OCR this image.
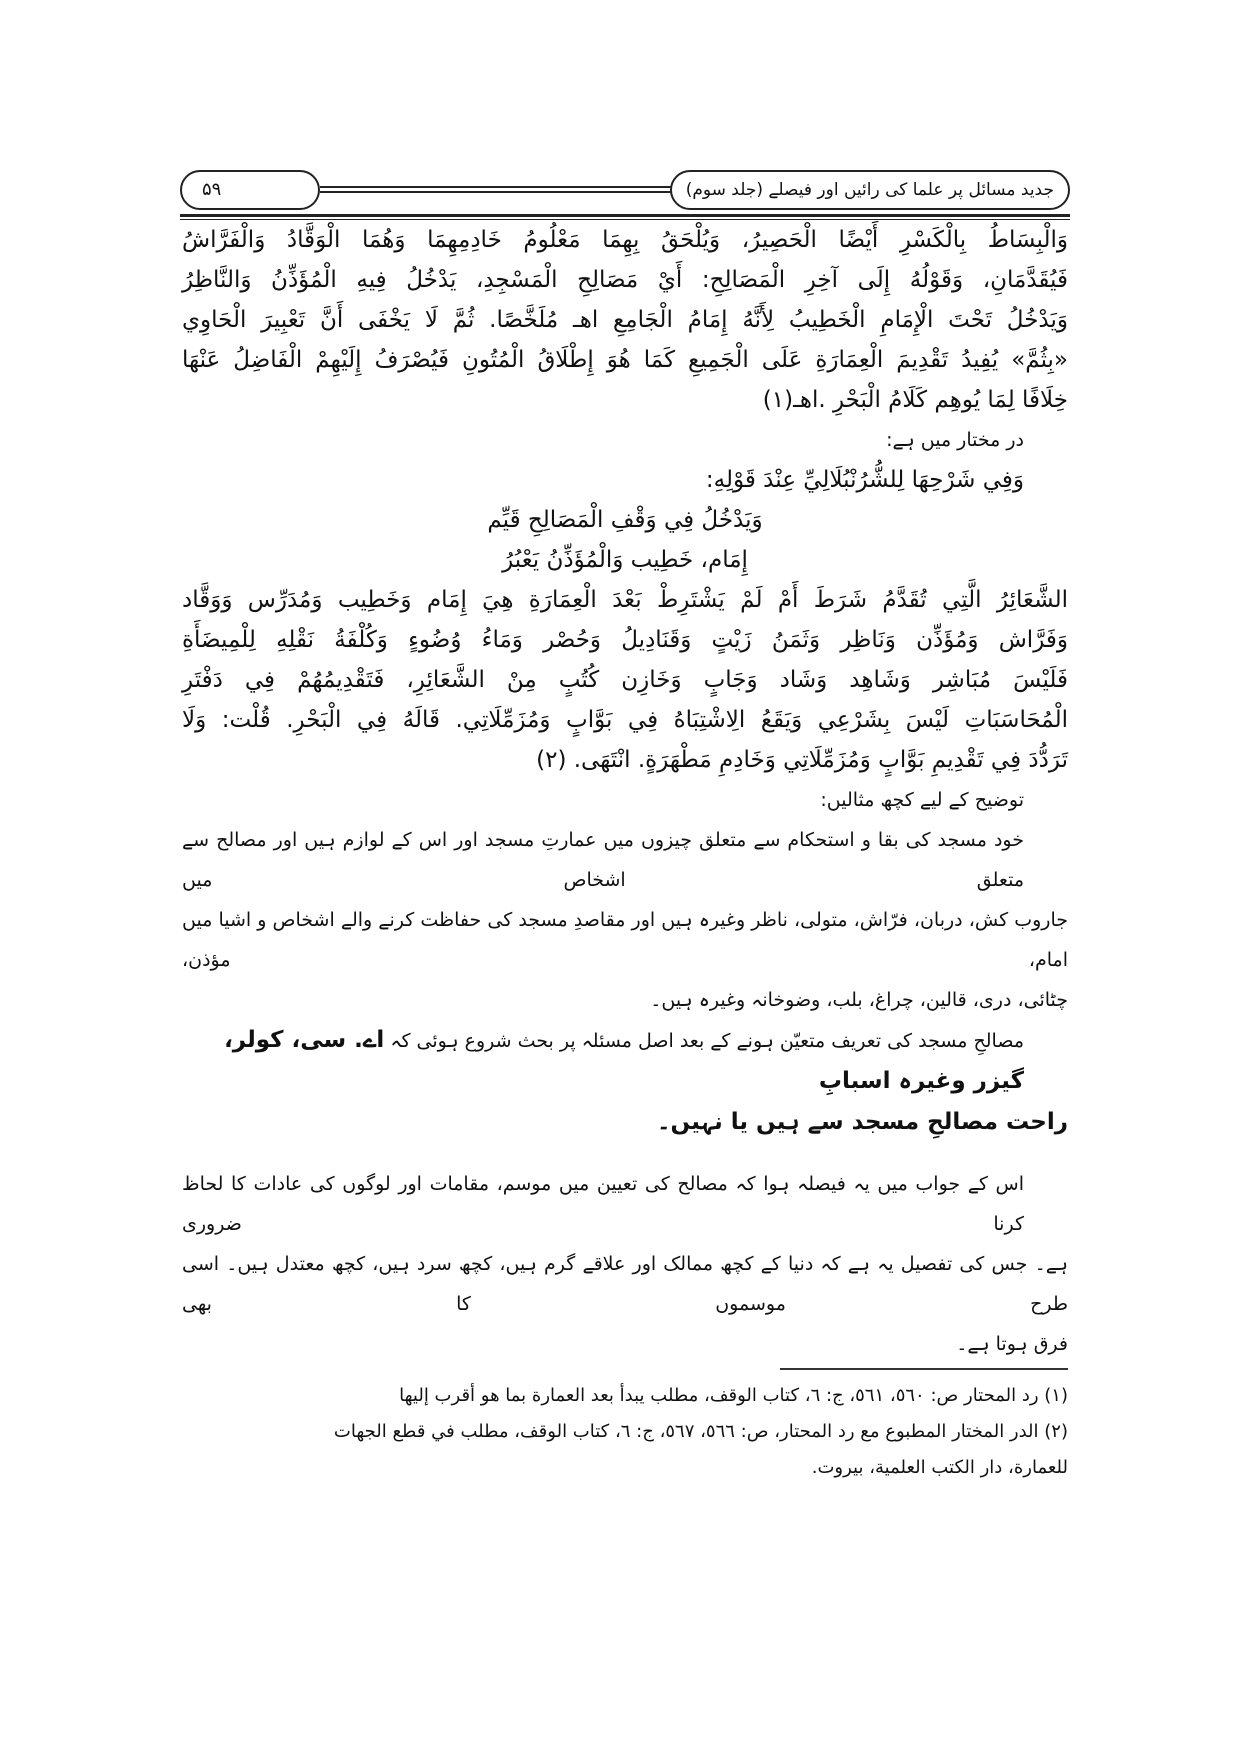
۵۹	جدید مسائل پر علما کی رائیں اور فیصلے (جلد سوم)
وَالْبِسَاطُ بِالْكَسْرِ أَيْضًا الْحَصِيرُ، وَيُلْحَقُ بِهِمَا مَعْلُومُ خَادِمِهِمَا وَهُمَا الْوَقَّادُ وَالْفَرَّاشُ
فَيُقَدَّمَانِ، وَقَوْلُهُ إِلَى آخِرِ الْمَصَالِحِ: أَيْ مَصَالِحِ الْمَسْجِدِ، يَدْخُلُ فِيهِ الْمُؤَذِّنُ وَالنَّاظِرُ
وَيَدْخُلُ تَحْتَ الْإِمَامِ الْخَطِيبُ لِأَنَّهُ إِمَامُ الْجَامِعِ اهـ مُلَخَّصًا. ثُمَّ لَا يَخْفَى أَنَّ تَعْبِيرَ الْحَاوِي
«بِثُمَّ» يُفِيدُ تَقْدِيمَ الْعِمَارَةِ عَلَى الْجَمِيعِ كَمَا هُوَ إِطْلَاقُ الْمُتُونِ فَيُصْرَفُ إِلَيْهِمْ الْفَاضِلُ عَنْهَا
خِلَافًا لِمَا يُوهِم كَلَامُ الْبَحْرِ .اهـ(١)
در مختار میں ہے:
وَفِي شَرْحِهَا لِلشُّرُنْبُلَالِيِّ عِنْدَ قَوْلِهِ:
وَيَدْخُلُ فِي وَقْفِ الْمَصَالِحِ قَيِّم
إِمَام، خَطِيب وَالْمُؤَذِّنُ يَعْبُرُ
الشَّعَائِرُ الَّتِي تُقَدَّمُ شَرَطَ أَمْ لَمْ يَشْتَرِطْ بَعْدَ الْعِمَارَةِ هِيَ إِمَام وَخَطِيب وَمُدَرِّس وَوَقَّاد
وَفَرَّاش وَمُؤَذِّن وَنَاظِر وَثَمَنُ زَيْتٍ وَقَنَادِيلُ وَحُصْر وَمَاءُ وُضُوءٍ وَكُلْفَةُ نَقْلِهِ لِلْمِيضَأَةِ
فَلَيْسَ مُبَاشِر وَشَاهِد وَشَاد وَجَابٍ وَخَازِن كُتُبٍ مِنْ الشَّعَائِرِ، فَتَقْدِيمُهُمْ فِي دَفْتَرِ
الْمُحَاسَبَاتِ لَيْسَ بِشَرْعِي وَيَقَعُ الِاشْتِبَاهُ فِي بَوَّابٍ وَمُزَمِّلَاتِي. قَالَهُ فِي الْبَحْرِ. قُلْت: وَلَا
تَرَدُّدَ فِي تَقْدِيمِ بَوَّابٍ وَمُزَمِّلَاتِي وَخَادِمِ مَطْهَرَةٍ. انْتَهَى. (٢)
توضیح کے لیے کچھ مثالیں:
خود مسجد کی بقا و استحکام سے متعلق چیزوں میں عمارتِ مسجد اور اس کے لوازم ہیں اور مصالح سے متعلق اشخاص میں
جاروب کش، دربان، فرّاش، متولی، ناظر وغیرہ ہیں اور مقاصدِ مسجد کی حفاظت کرنے والے اشخاص و اشیا میں امام، مؤذن،
چٹائی، دری، قالین، چراغ، بلب، وضوخانہ وغیرہ ہیں۔
مصالحِ مسجد کی تعریف متعیّن ہونے کے بعد اصل مسئلہ پر بحث شروع ہوئی کہ اے. سی، کولر، گیزر وغیرہ اسبابِ
راحت مصالحِ مسجد سے ہیں یا نہیں۔
اس کے جواب میں یہ فیصلہ ہوا کہ مصالح کی تعیین میں موسم، مقامات اور لوگوں کی عادات کا لحاظ کرنا ضروری
ہے۔ جس کی تفصیل یہ ہے کہ دنیا کے کچھ ممالک اور علاقے گرم ہیں، کچھ سرد ہیں، کچھ معتدل ہیں۔ اسی طرح موسموں کا بھی
فرق ہوتا ہے۔
(١) رد المحتار ص: ٥٦٠، ٥٦١، ج: ٦، كتاب الوقف، مطلب يبدأ بعد العمارة بما هو أقرب إليها
(٢) الدر المختار المطبوع مع رد المحتار، ص: ٥٦٦، ٥٦٧، ج: ٦، كتاب الوقف، مطلب في قطع الجهات
للعمارة، دار الكتب العلمية، بيروت.
